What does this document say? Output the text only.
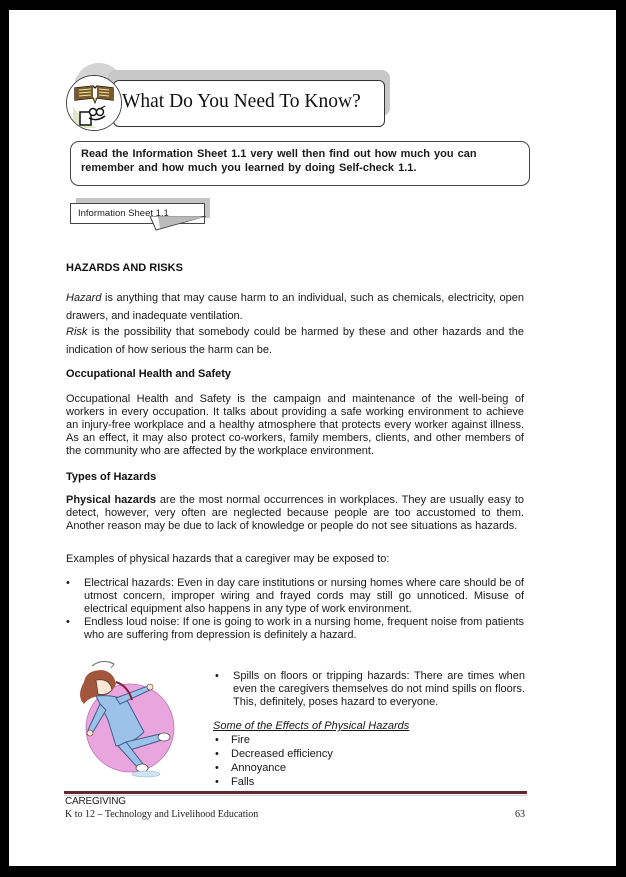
What Do You Need To Know?
Read the Information Sheet 1.1 very well then find out how much you can remember and how much you learned by doing Self-check 1.1.
Information Sheet 1.1
HAZARDS AND RISKS
Hazard is anything that may cause harm to an individual, such as chemicals, electricity, open drawers, and inadequate ventilation.
Risk is the possibility that somebody could be harmed by these and other hazards and the indication of how serious the harm can be.
Occupational Health and Safety
Occupational Health and Safety is the campaign and maintenance of the well-being of workers in every occupation. It talks about providing a safe working environment to achieve an injury-free workplace and a healthy atmosphere that protects every worker against illness. As an effect, it may also protect co-workers, family members, clients, and other members of the community who are affected by the workplace environment.
Types of Hazards
Physical hazards are the most normal occurrences in workplaces. They are usually easy to detect, however, very often are neglected because people are too accustomed to them. Another reason may be due to lack of knowledge or people do not see situations as hazards.
Examples of physical hazards that a caregiver may be exposed to:
• Electrical hazards: Even in day care institutions or nursing homes where care should be of utmost concern, improper wiring and frayed cords may still go unnoticed. Misuse of electrical equipment also happens in any type of work environment.
• Endless loud noise: If one is going to work in a nursing home, frequent noise from patients who are suffering from depression is definitely a hazard.
• Spills on floors or tripping hazards: There are times when even the caregivers themselves do not mind spills on floors. This, definitely, poses hazard to everyone.
Some of the Effects of Physical Hazards
• Fire
• Decreased efficiency
• Annoyance
• Falls
CAREGIVING
K to 12 – Technology and Livelihood Education	63
